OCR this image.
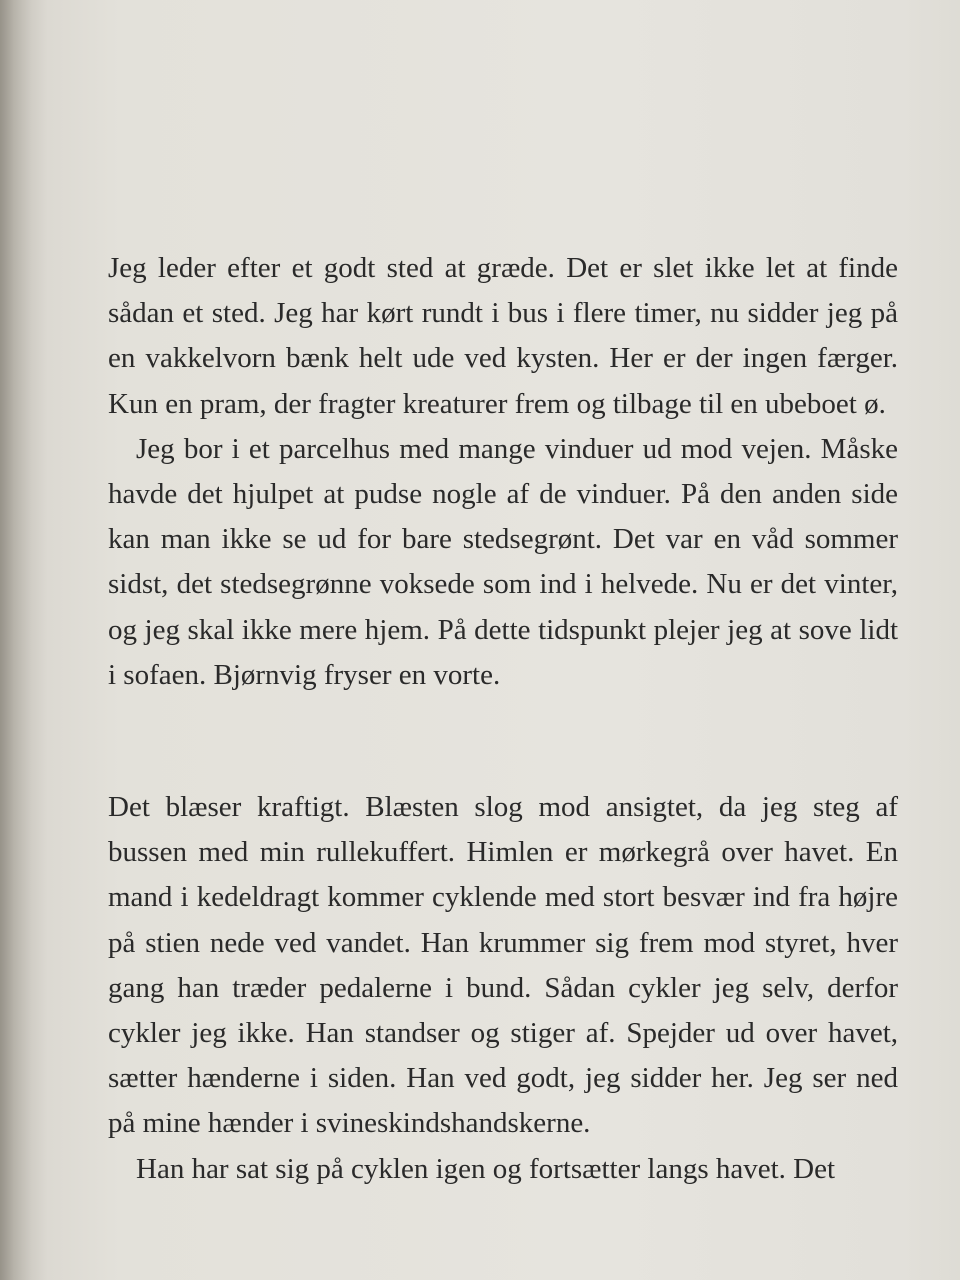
Jeg leder efter et godt sted at græde. Det er slet ikke let at finde sådan et sted. Jeg har kørt rundt i bus i flere timer, nu sidder jeg på en vakkelvorn bænk helt ude ved kysten. Her er der ingen færger. Kun en pram, der fragter kreaturer frem og tilbage til en ubeboet ø.

Jeg bor i et parcelhus med mange vinduer ud mod vejen. Måske havde det hjulpet at pudse nogle af de vinduer. På den anden side kan man ikke se ud for bare stedsegrønt. Det var en våd sommer sidst, det stedsegrønne voksede som ind i helvede. Nu er det vinter, og jeg skal ikke mere hjem. På dette tidspunkt plejer jeg at sove lidt i sofaen. Bjørnvig fryser en vorte.

Det blæser kraftigt. Blæsten slog mod ansigtet, da jeg steg af bussen med min rullekuffert. Himlen er mørkegrå over havet. En mand i kedeldragt kommer cyklende med stort besvær ind fra højre på stien nede ved vandet. Han krummer sig frem mod styret, hver gang han træder pedalerne i bund. Sådan cykler jeg selv, derfor cykler jeg ikke. Han standser og stiger af. Spejder ud over havet, sætter hænderne i siden. Han ved godt, jeg sidder her. Jeg ser ned på mine hænder i svineskindshandskerne.

Han har sat sig på cyklen igen og fortsætter langs havet. Det
